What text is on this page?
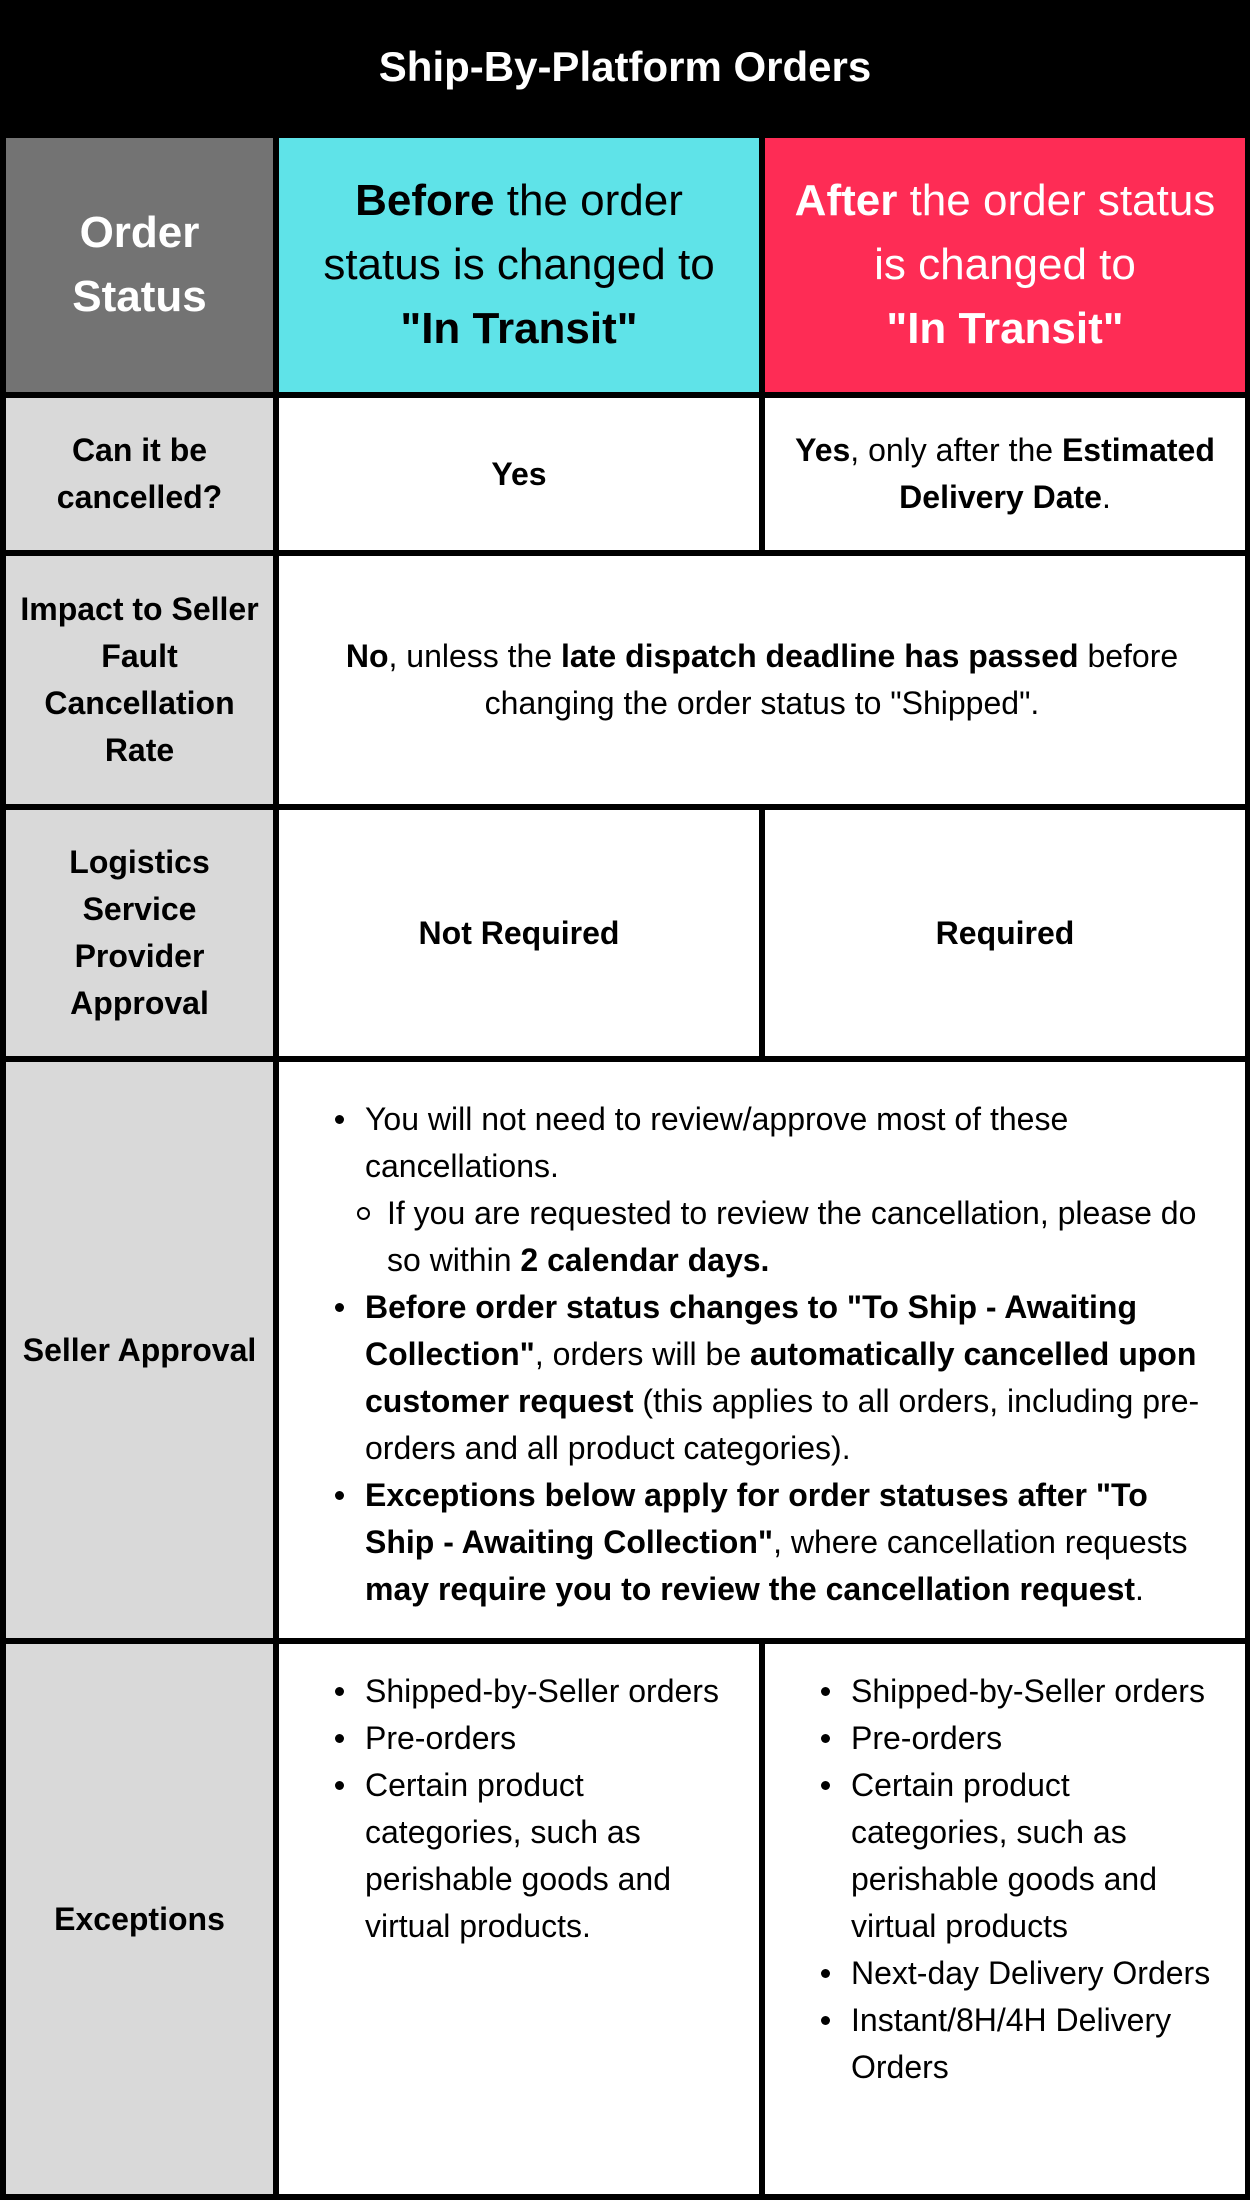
Ship-By-Platform Orders
Order Status
Before the order status is changed to
"In Transit"
After the order status is changed to
"In Transit"
Can it be cancelled?
Yes
Yes, only after the Estimated Delivery Date.
Impact to Seller Fault Cancellation Rate
No, unless the late dispatch deadline has passed before changing the order status to "Shipped".
Logistics Service Provider Approval
Not Required	Required
Seller Approval
You will not need to review/approve most of these cancellations.
If you are requested to review the cancellation, please do so within 2 calendar days.
Before order status changes to "To Ship - Awaiting Collection", orders will be automatically cancelled upon customer request (this applies to all orders, including pre-orders and all product categories).
Exceptions below apply for order statuses after "To Ship - Awaiting Collection", where cancellation requests may require you to review the cancellation request.
Exceptions
Shipped-by-Seller orders
Pre-orders
Certain product categories, such as perishable goods and virtual products.
Shipped-by-Seller orders
Pre-orders
Certain product categories, such as perishable goods and virtual products
Next-day Delivery Orders
Instant/8H/4H Delivery Orders
